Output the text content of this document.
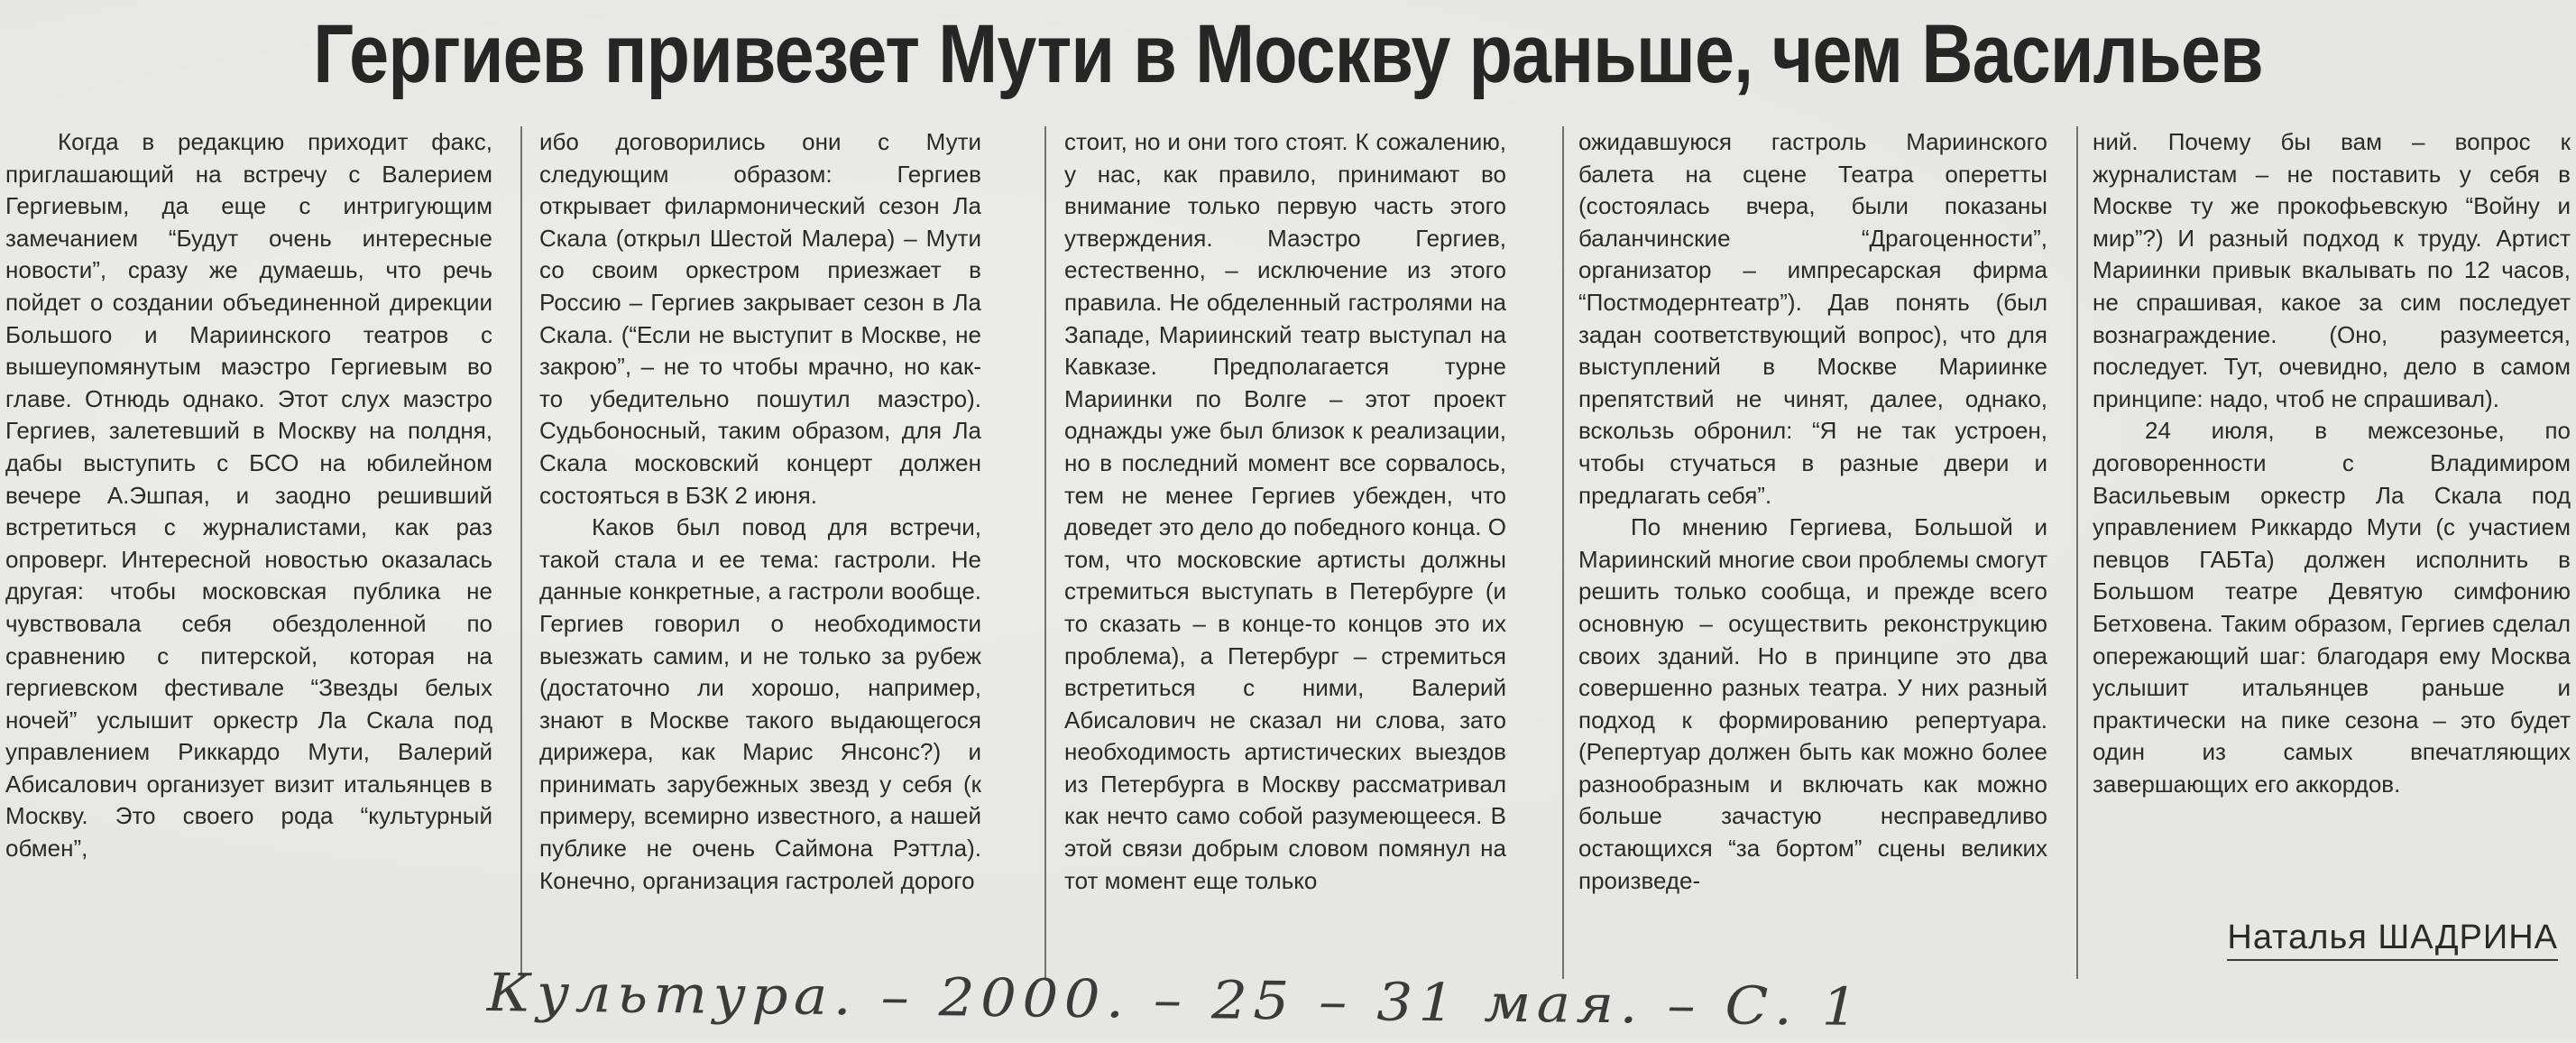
Гергиев привезет Мути в Москву раньше, чем Васильев

Когда в редакцию приходит факс, приглашающий на встречу с Валерием Гергиевым, да еще с интригующим замечанием “Будут очень интересные новости”, сразу же думаешь, что речь пойдет о создании объединенной дирекции Большого и Мариинского театров с вышеупомянутым маэстро Гергиевым во главе. Отнюдь однако. Этот слух маэстро Гергиев, залетевший в Москву на полдня, дабы выступить с БСО на юбилейном вечере А.Эшпая, и заодно решивший встретиться с журналистами, как раз опроверг. Интересной новостью оказалась другая: чтобы московская публика не чувствовала себя обездоленной по сравнению с питерской, которая на гергиевском фестивале “Звезды белых ночей” услышит оркестр Ла Скала под управлением Риккардо Мути, Валерий Абисалович организует визит итальянцев в Москву. Это своего рода “культурный обмен”,

ибо договорились они с Мути следующим образом: Гергиев открывает филармонический сезон Ла Скала (открыл Шестой Малера) – Мути со своим оркестром приезжает в Россию – Гергиев закрывает сезон в Ла Скала. (“Если не выступит в Москве, не закрою”, – не то чтобы мрачно, но как-то убедительно пошутил маэстро). Судьбоносный, таким образом, для Ла Скала московский концерт должен состояться в БЗК 2 июня.

Каков был повод для встречи, такой стала и ее тема: гастроли. Не данные конкретные, а гастроли вообще. Гергиев говорил о необходимости выезжать самим, и не только за рубеж (достаточно ли хорошо, например, знают в Москве такого выдающегося дирижера, как Марис Янсонс?) и принимать зарубежных звезд у себя (к примеру, всемирно известного, а нашей публике не очень Саймона Рэттла). Конечно, организация гастролей дорого

стоит, но и они того стоят. К сожалению, у нас, как правило, принимают во внимание только первую часть этого утверждения. Маэстро Гергиев, естественно, – исключение из этого правила. Не обделенный гастролями на Западе, Мариинский театр выступал на Кавказе. Предполагается турне Мариинки по Волге – этот проект однажды уже был близок к реализации, но в последний момент все сорвалось, тем не менее Гергиев убежден, что доведет это дело до победного конца. О том, что московские артисты должны стремиться выступать в Петербурге (и то сказать – в конце-то концов это их проблема), а Петербург – стремиться встретиться с ними, Валерий Абисалович не сказал ни слова, зато необходимость артистических выездов из Петербурга в Москву рассматривал как нечто само собой разумеющееся. В этой связи добрым словом помянул на тот момент еще только

ожидавшуюся гастроль Мариинского балета на сцене Театра оперетты (состоялась вчера, были показаны баланчинские “Драгоценности”, организатор – импресарская фирма “Постмодернтеатр”). Дав понять (был задан соответствующий вопрос), что для выступлений в Москве Мариинке препятствий не чинят, далее, однако, вскользь обронил: “Я не так устроен, чтобы стучаться в разные двери и предлагать себя”.

По мнению Гергиева, Большой и Мариинский многие свои проблемы смогут решить только сообща, и прежде всего основную – осуществить реконструкцию своих зданий. Но в принципе это два совершенно разных театра. У них разный подход к формированию репертуара. (Репертуар должен быть как можно более разнообразным и включать как можно больше зачастую несправедливо остающихся “за бортом” сцены великих произведе-

ний. Почему бы вам – вопрос к журналистам – не поставить у себя в Москве ту же прокофьевскую “Войну и мир”?) И разный подход к труду. Артист Мариинки привык вкалывать по 12 часов, не спрашивая, какое за сим последует вознаграждение. (Оно, разумеется, последует. Тут, очевидно, дело в самом принципе: надо, чтоб не спрашивал).

24 июля, в межсезонье, по договоренности с Владимиром Васильевым оркестр Ла Скала под управлением Риккардо Мути (с участием певцов ГАБТа) должен исполнить в Большом театре Девятую симфонию Бетховена. Таким образом, Гергиев сделал опережающий шаг: благодаря ему Москва услышит итальянцев раньше и практически на пике сезона – это будет один из самых впечатляющих завершающих его аккордов.

Наталья ШАДРИНА
Культура. – 2000. – 25 – 31 мая. – С. 1
